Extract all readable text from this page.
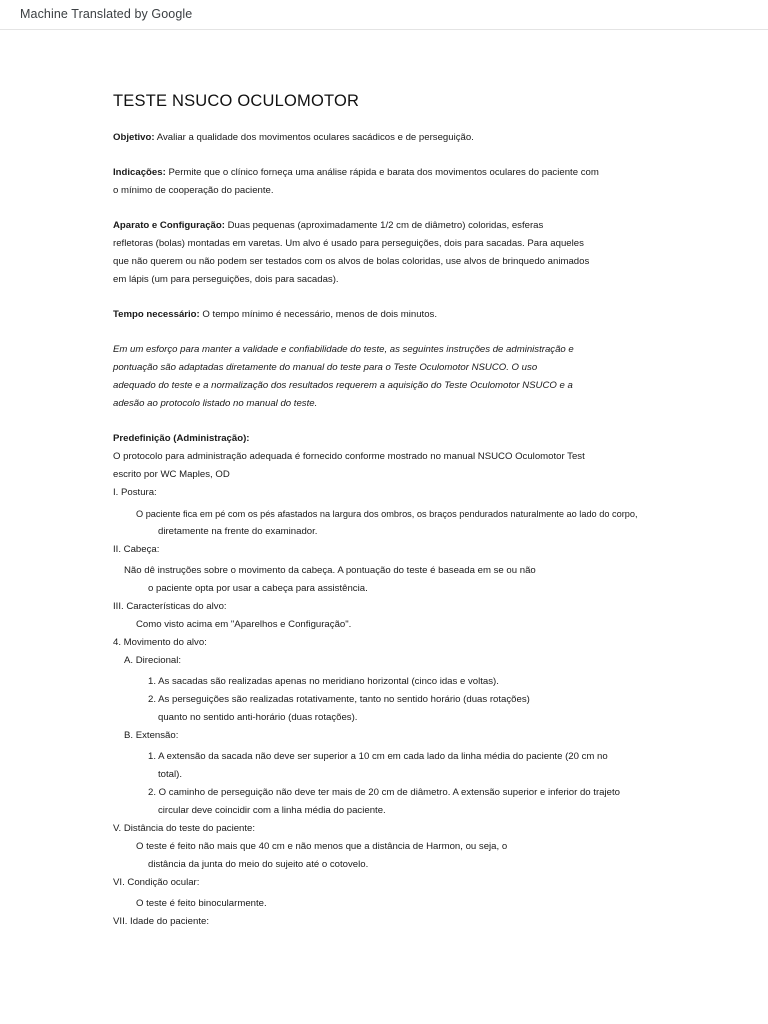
Machine Translated by Google
TESTE NSUCO OCULOMOTOR

Objetivo: Avaliar a qualidade dos movimentos oculares sacádicos e de perseguição.

Indicações: Permite que o clínico forneça uma análise rápida e barata dos movimentos oculares do paciente com
o mínimo de cooperação do paciente.

Aparato e Configuração: Duas pequenas (aproximadamente 1/2 cm de diâmetro) coloridas, esferas
refletoras (bolas) montadas em varetas. Um alvo é usado para perseguições, dois para sacadas. Para aqueles
que não querem ou não podem ser testados com os alvos de bolas coloridas, use alvos de brinquedo animados
em lápis (um para perseguições, dois para sacadas).

Tempo necessário: O tempo mínimo é necessário, menos de dois minutos.

Em um esforço para manter a validade e confiabilidade do teste, as seguintes instruções de administração e
pontuação são adaptadas diretamente do manual do teste para o Teste Oculomotor NSUCO. O uso
adequado do teste e a normalização dos resultados requerem a aquisição do Teste Oculomotor NSUCO e a
adesão ao protocolo listado no manual do teste.

Predefinição (Administração):
O protocolo para administração adequada é fornecido conforme mostrado no manual NSUCO Oculomotor Test
escrito por WC Maples, OD
I. Postura:
O paciente fica em pé com os pés afastados na largura dos ombros, os braços pendurados naturalmente ao lado do corpo,
diretamente na frente do examinador.
II. Cabeça:
Não dê instruções sobre o movimento da cabeça. A pontuação do teste é baseada em se ou não
o paciente opta por usar a cabeça para assistência.
III. Características do alvo:
Como visto acima em "Aparelhos e Configuração".
4. Movimento do alvo:
A. Direcional:
1. As sacadas são realizadas apenas no meridiano horizontal (cinco idas e voltas).
2. As perseguições são realizadas rotativamente, tanto no sentido horário (duas rotações)
quanto no sentido anti-horário (duas rotações).
B. Extensão:
1. A extensão da sacada não deve ser superior a 10 cm em cada lado da linha média do paciente (20 cm no
total).
2. O caminho de perseguição não deve ter mais de 20 cm de diâmetro. A extensão superior e inferior do trajeto
circular deve coincidir com a linha média do paciente.
V. Distância do teste do paciente:
O teste é feito não mais que 40 cm e não menos que a distância de Harmon, ou seja, o
distância da junta do meio do sujeito até o cotovelo.
VI. Condição ocular:
O teste é feito binocularmente.
VII. Idade do paciente:
